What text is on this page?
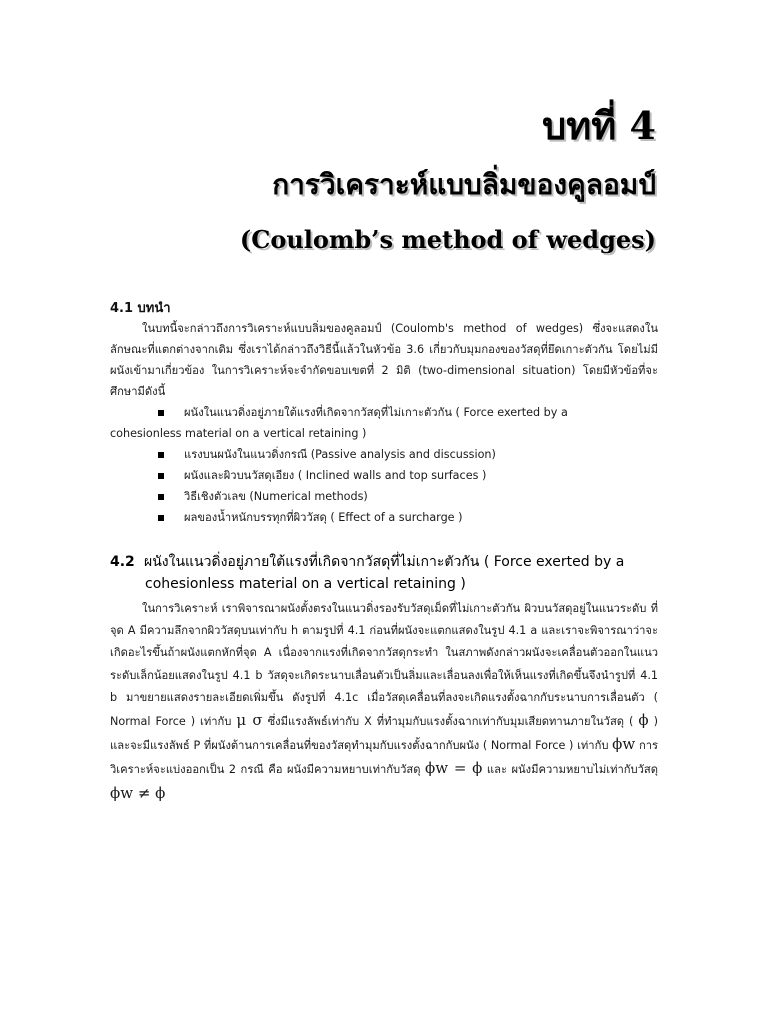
บทที่ 4
การวิเคราะห์แบบลิ่มของคูลอมป์
(Coulomb’s method of wedges)
4.1 บทนำ
ในบทนี้จะกล่าวถึงการวิเคราะห์แบบลิ่มของคูลอมป์ (Coulomb's method of wedges) ซึ่งจะแสดงในลักษณะที่แตกต่างจากเดิม ซึ่งเราได้กล่าวถึงวิธีนี้แล้วในหัวข้อ 3.6 เกี่ยวกับมุมกองของวัสดุที่ยึดเกาะตัวกัน โดยไม่มีผนังเข้ามาเกี่ยวข้อง ในการวิเคราะห์จะจำกัดขอบเขตที่ 2 มิติ (two-dimensional situation) โดยมีหัวข้อที่จะศึกษามีดังนี้
ผนังในแนวดิ่งอยู่ภายใต้แรงที่เกิดจากวัสดุที่ไม่เกาะตัวกัน ( Force exerted by a
cohesionless material on a vertical retaining )
แรงบนผนังในแนวดิ่งกรณี (Passive analysis and discussion)
ผนังและผิวบนวัสดุเอียง ( Inclined walls and top surfaces )
วิธีเชิงตัวเลข (Numerical methods)
ผลของน้ำหนักบรรทุกที่ผิววัสดุ ( Effect of a surcharge )
4.2 ผนังในแนวดิ่งอยู่ภายใต้แรงที่เกิดจากวัสดุที่ไม่เกาะตัวกัน ( Force exerted by a
cohesionless material on a vertical retaining )
ในการวิเคราะห์ เราพิจารณาผนังตั้งตรงในแนวดิ่งรองรับวัสดุเม็ดที่ไม่เกาะตัวกัน ผิวบนวัสดุอยู่ในแนวระดับ ที่จุด A มีความลึกจากผิววัสดุบนเท่ากับ h ตามรูปที่ 4.1 ก่อนที่ผนังจะแตกแสดงในรูป 4.1 a และเราจะพิจารณาว่าจะเกิดอะไรขึ้นถ้าผนังแตกหักที่จุด A เนื่องจากแรงที่เกิดจากวัสดุกระทำ ในสภาพดังกล่าวผนังจะเคลื่อนตัวออกในแนวระดับเล็กน้อยแสดงในรูป 4.1 b วัสดุจะเกิดระนาบเลื่อนตัวเป็นลิ่มและเลื่อนลงเพื่อให้เห็นแรงที่เกิดขึ้นจึงนำรูปที่ 4.1 b มาขยายแสดงรายละเอียดเพิ่มขึ้น ดังรูปที่ 4.1c เมื่อวัสดุเคลื่อนที่ลงจะเกิดแรงตั้งฉากกับระนาบการเลื่อนตัว ( Normal Force ) เท่ากับ μ σ ซึ่งมีแรงลัพธ์เท่ากับ X ที่ทำมุมกับแรงตั้งฉากเท่ากับมุมเสียดทานภายในวัสดุ ( ϕ ) และจะมีแรงลัพธ์ P ที่ผนังต้านการเคลื่อนที่ของวัสดุทำมุมกับแรงตั้งฉากกับผนัง ( Normal Force ) เท่ากับ ϕw การวิเคราะห์จะแบ่งออกเป็น 2 กรณี คือ ผนังมีความหยาบเท่ากับวัสดุ ϕw = ϕ และ ผนังมีความหยาบไม่เท่ากับวัสดุ ϕw ≠ ϕ
